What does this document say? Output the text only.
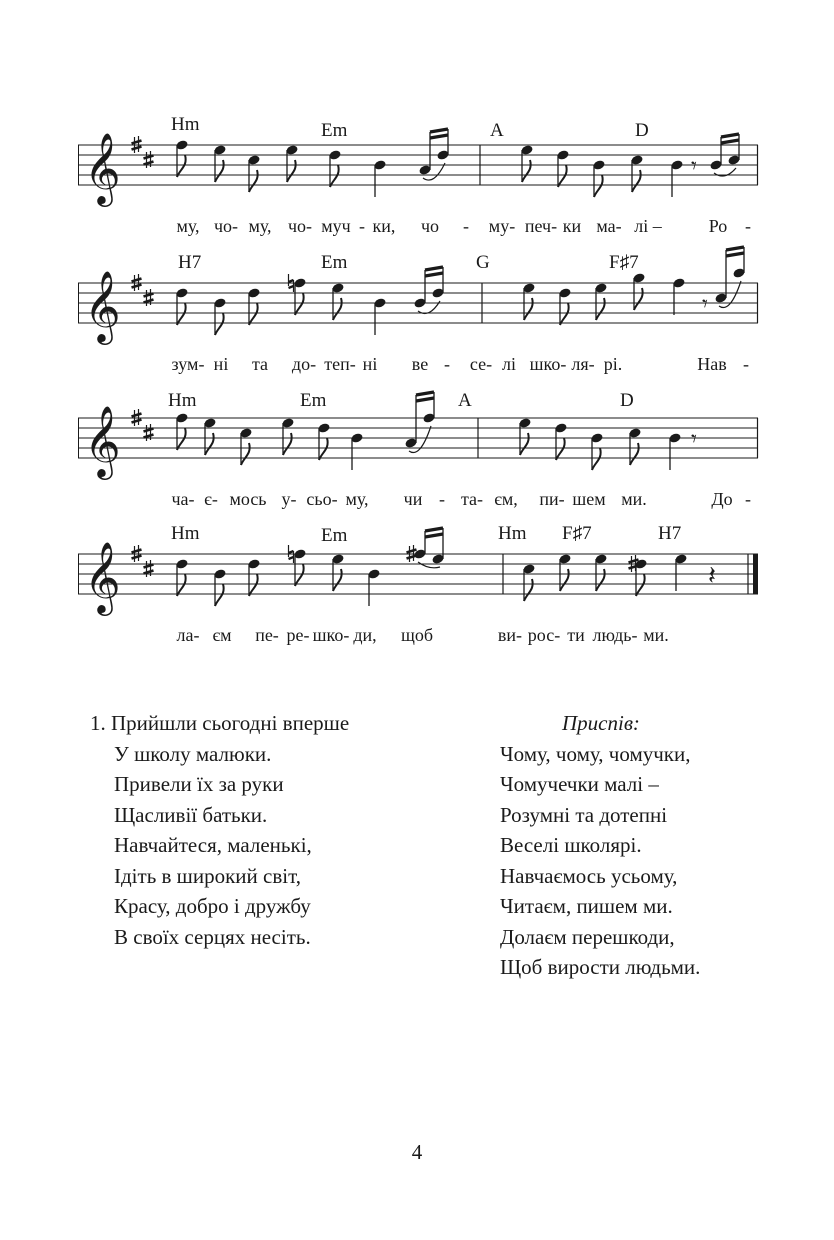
Hm	Em	A	D
𝄞	𝄾
му, чо- му, чо- муч - ки, чо - му- печ- ки ма- лі –	Ро -
H7	Em	G	F♯7
𝄞	𝄾
зум- ні та до- теп- ні ве - се- лі шко- ля- рі.	Нав -
Hm	Em	A	D
𝄞	𝄾
ча- є- мось у- сьо- му, чи - та- єм, пи- шем ми.	До -
Hm	Em	Hm F♯7	H7
𝄞	𝄽
ла- єм пе- ре- шко- ди, щоб	ви- рос- ти людь- ми.
1. Прийшли сьогодні вперше
У школу малюки.
Привели їх за руки
Щасливії батьки.
Навчайтеся, маленькі,
Ідіть в широкий світ,
Красу, добро і дружбу
В своїх серцях несіть.
Приспів:
Чому, чому, чомучки,
Чомучечки малі –
Розумні та дотепні
Веселі школярі.
Навчаємось усьому,
Читаєм, пишем ми.
Долаєм перешкоди,
Щоб вирости людьми.
4
